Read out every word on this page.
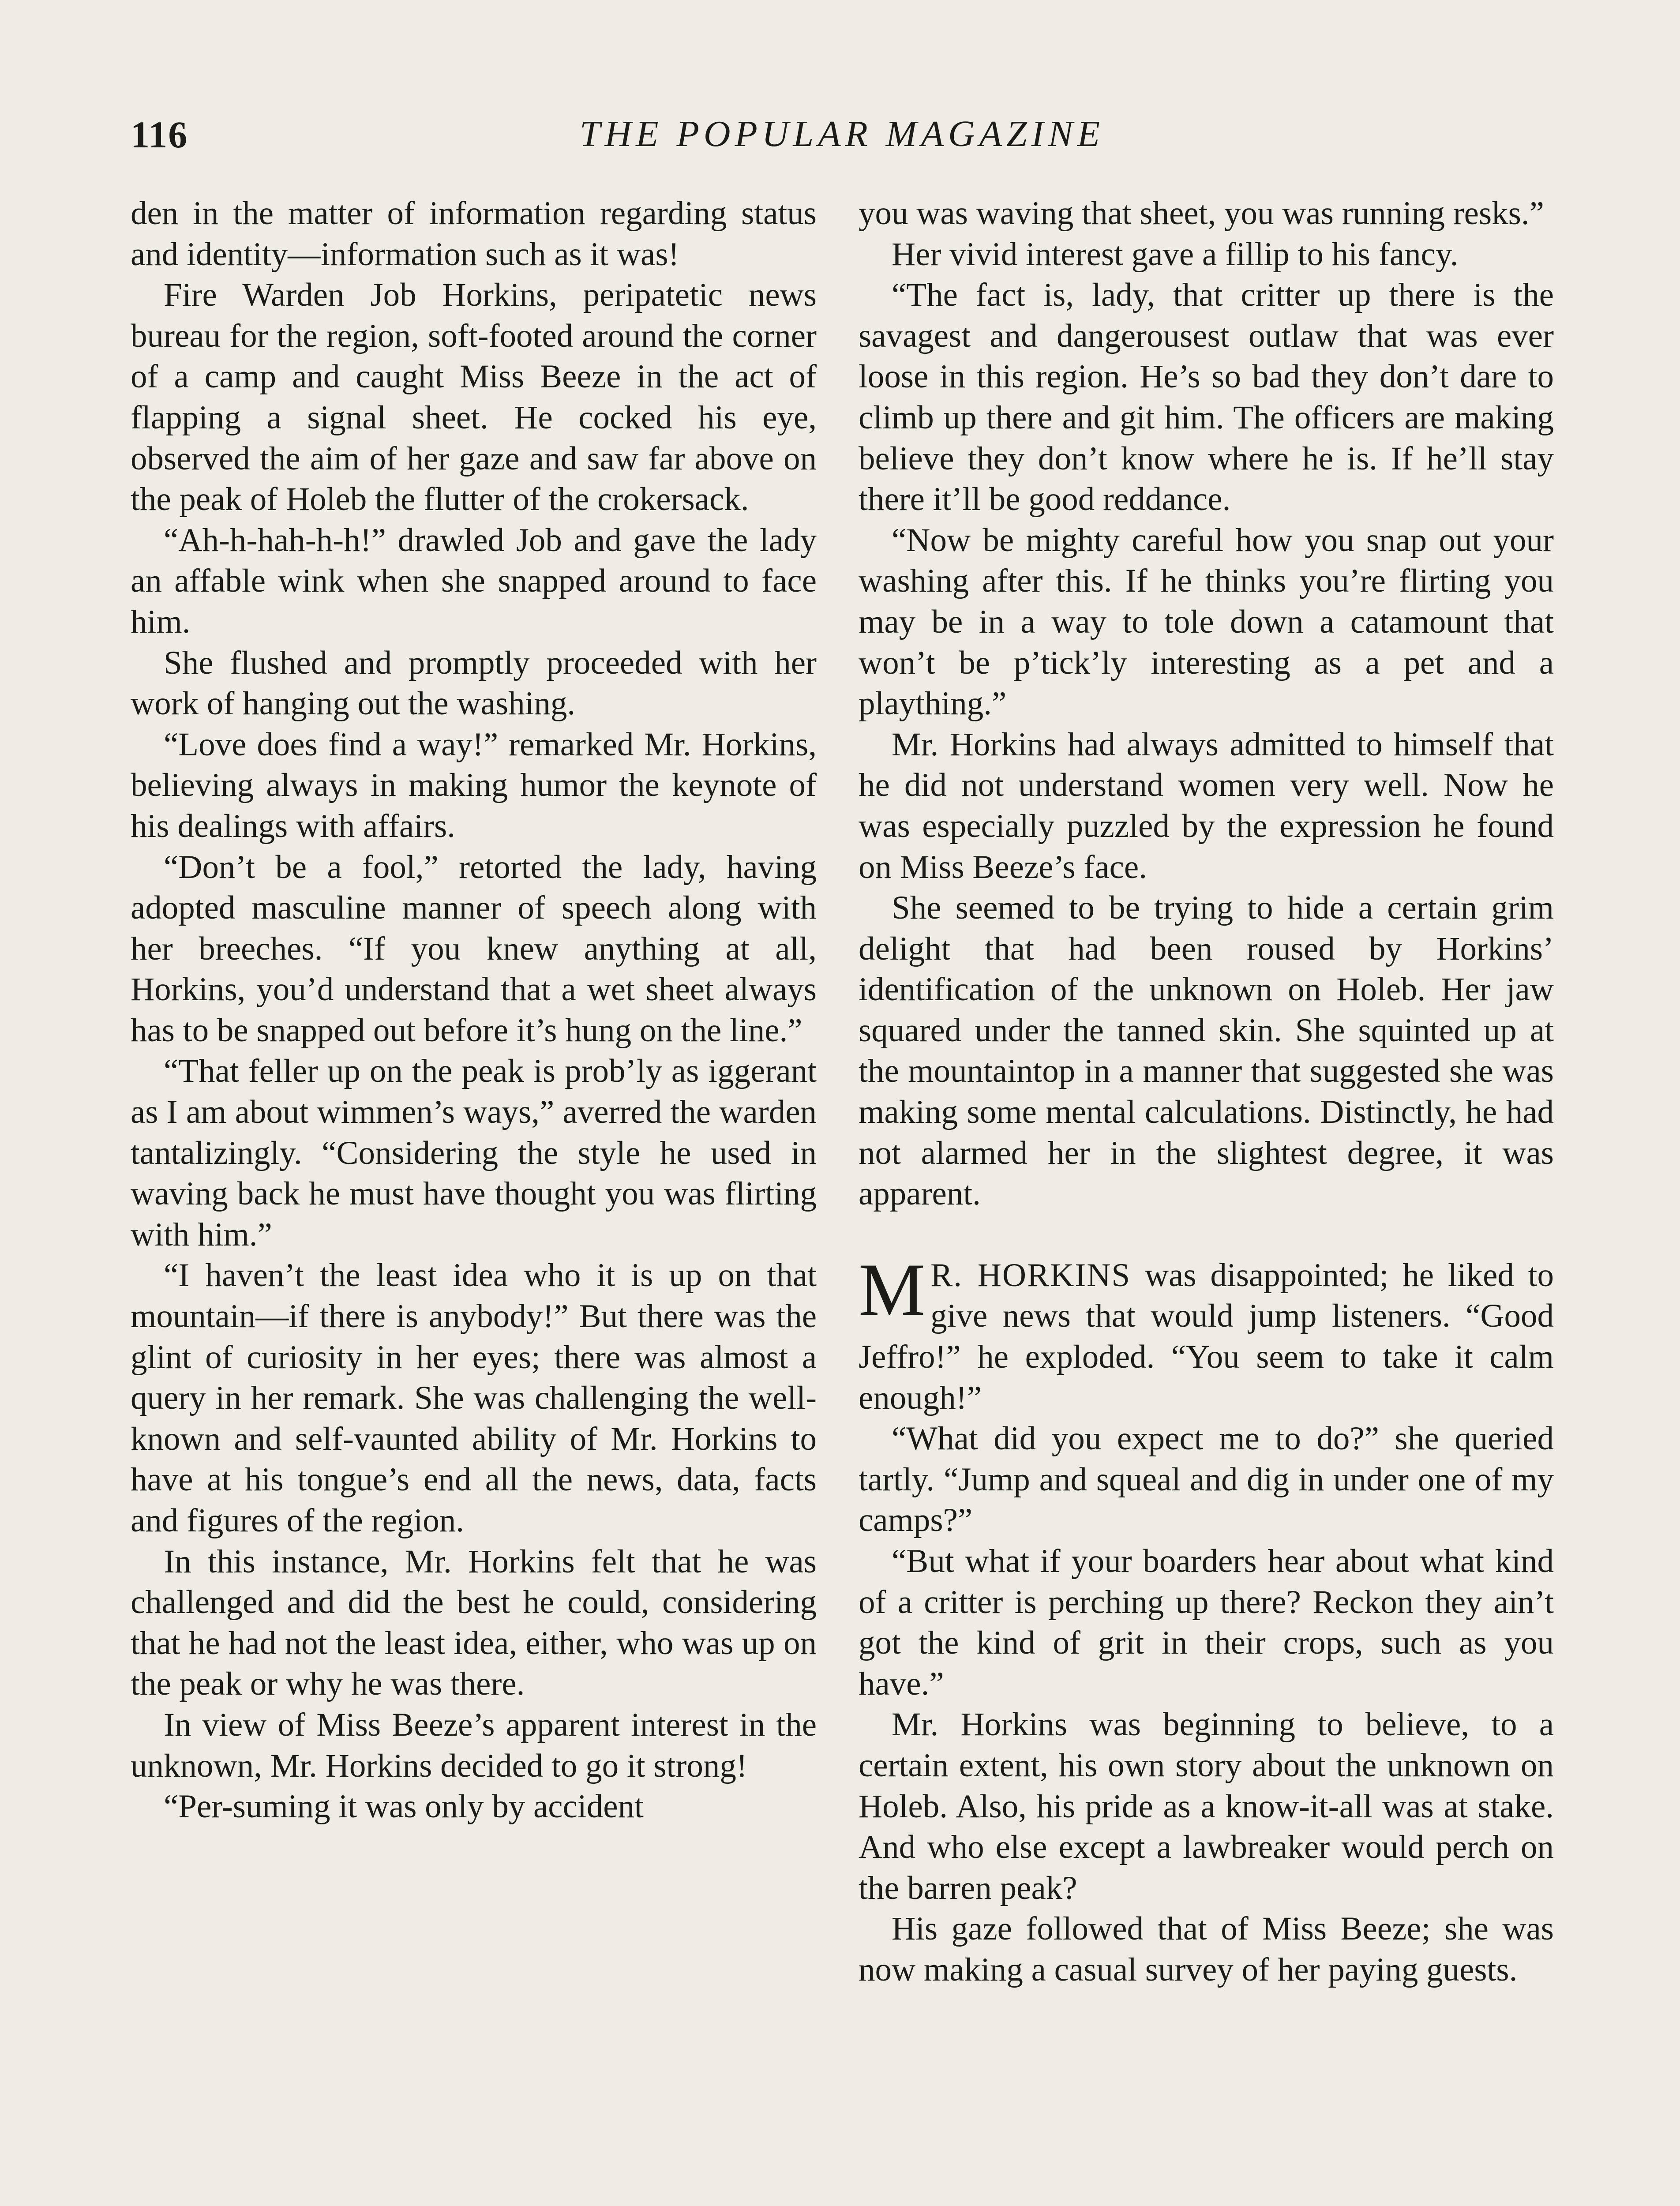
116	THE POPULAR MAGAZINE

den in the matter of information regarding status and identity—information such as it was!

Fire Warden Job Horkins, peripatetic news bureau for the region, soft-footed around the corner of a camp and caught Miss Beeze in the act of flapping a signal sheet. He cocked his eye, observed the aim of her gaze and saw far above on the peak of Holeb the flutter of the crokersack.

“Ah-h-hah-h-h!” drawled Job and gave the lady an affable wink when she snapped around to face him.

She flushed and promptly proceeded with her work of hanging out the washing.

“Love does find a way!” remarked Mr. Horkins, believing always in making humor the keynote of his dealings with affairs.

“Don’t be a fool,” retorted the lady, having adopted masculine manner of speech along with her breeches. “If you knew anything at all, Horkins, you’d understand that a wet sheet always has to be snapped out before it’s hung on the line.”

“That feller up on the peak is prob’ly as iggerant as I am about wimmen’s ways,” averred the warden tantalizingly. “Considering the style he used in waving back he must have thought you was flirting with him.”

“I haven’t the least idea who it is up on that mountain—if there is anybody!” But there was the glint of curiosity in her eyes; there was almost a query in her remark. She was challenging the well-known and self-vaunted ability of Mr. Horkins to have at his tongue’s end all the news, data, facts and figures of the region.

In this instance, Mr. Horkins felt that he was challenged and did the best he could, considering that he had not the least idea, either, who was up on the peak or why he was there.

In view of Miss Beeze’s apparent interest in the unknown, Mr. Horkins decided to go it strong!

“Per-suming it was only by accident

you was waving that sheet, you was running resks.”

Her vivid interest gave a fillip to his fancy.

“The fact is, lady, that critter up there is the savagest and dangerousest outlaw that was ever loose in this region. He’s so bad they don’t dare to climb up there and git him. The officers are making believe they don’t know where he is. If he’ll stay there it’ll be good reddance.

“Now be mighty careful how you snap out your washing after this. If he thinks you’re flirting you may be in a way to tole down a catamount that won’t be p’tick’ly interesting as a pet and a plaything.”

Mr. Horkins had always admitted to himself that he did not understand women very well. Now he was especially puzzled by the expression he found on Miss Beeze’s face.

She seemed to be trying to hide a certain grim delight that had been roused by Horkins’ identification of the unknown on Holeb. Her jaw squared under the tanned skin. She squinted up at the mountaintop in a manner that suggested she was making some mental calculations. Distinctly, he had not alarmed her in the slightest degree, it was apparent.

M R. HORKINS was disappointed; he liked to give news that would jump listeners. “Good Jeffro!” he exploded. “You seem to take it calm enough!”

“What did you expect me to do?” she queried tartly. “Jump and squeal and dig in under one of my camps?”

“But what if your boarders hear about what kind of a critter is perching up there? Reckon they ain’t got the kind of grit in their crops, such as you have.”

Mr. Horkins was beginning to believe, to a certain extent, his own story about the unknown on Holeb. Also, his pride as a know-it-all was at stake. And who else except a lawbreaker would perch on the barren peak?

His gaze followed that of Miss Beeze; she was now making a casual survey of her paying guests.
